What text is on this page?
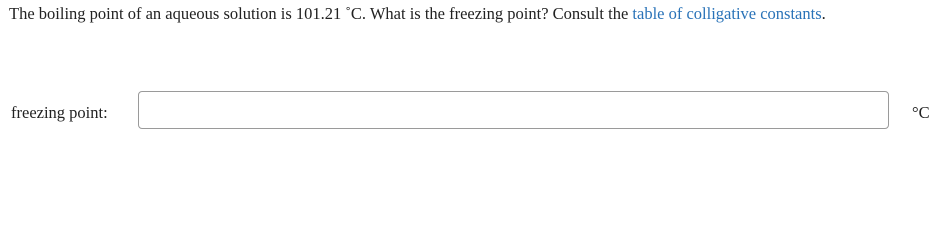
The boiling point of an aqueous solution is 101.21 ˚C. What is the freezing point? Consult the table of colligative constants.
freezing point:	°C
